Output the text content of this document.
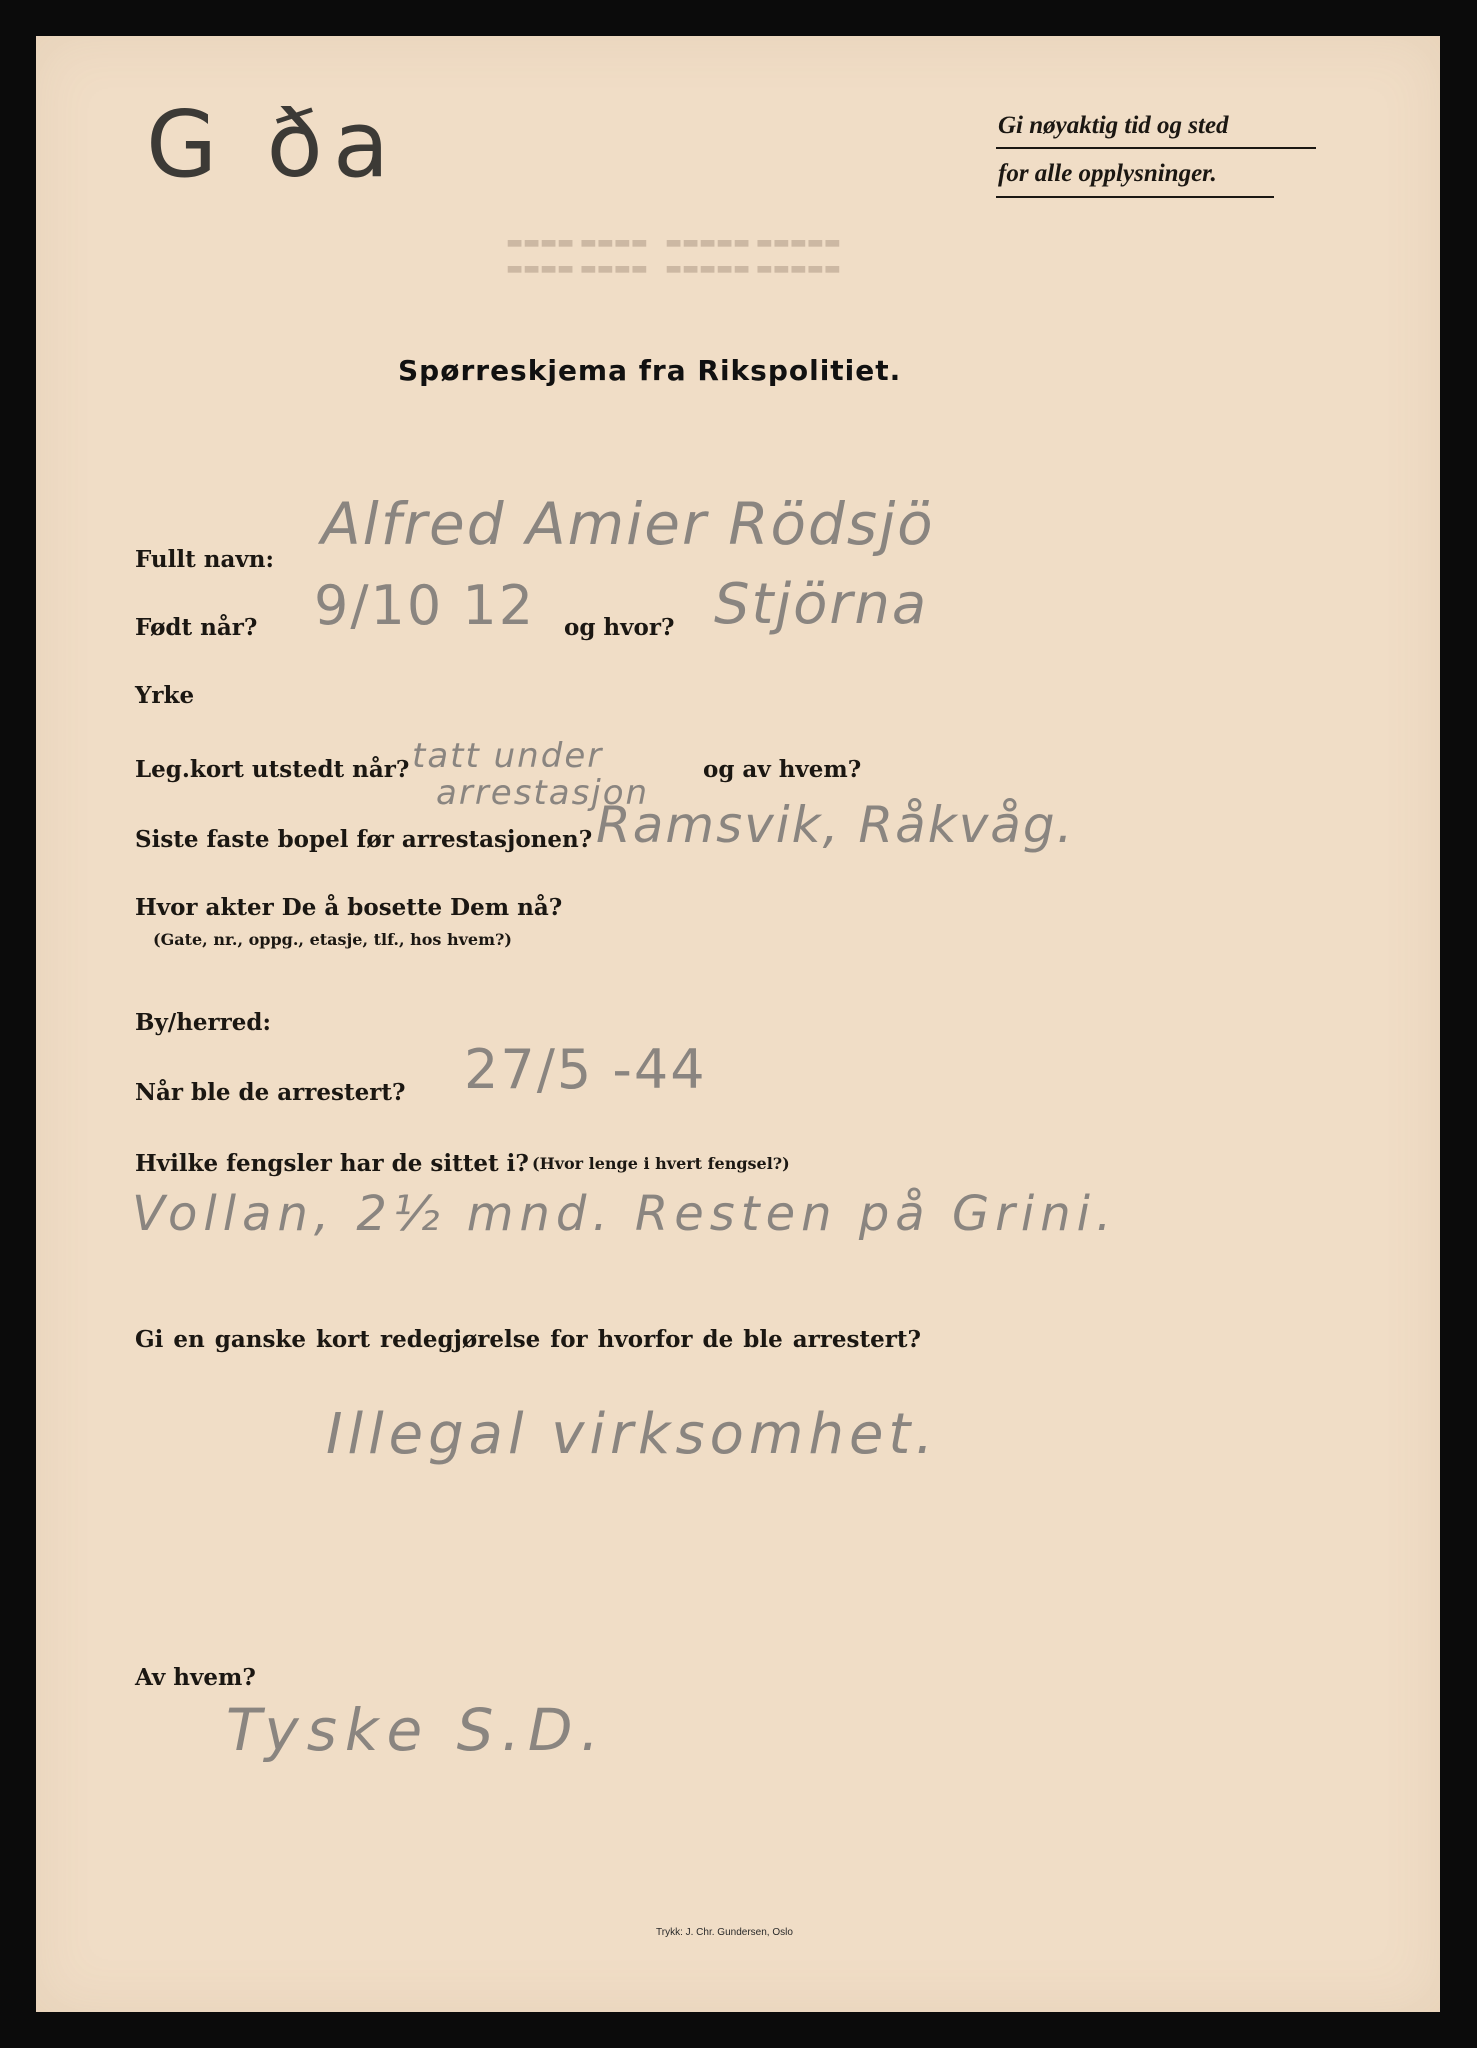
G ða	Gi nøyaktig tid og sted
for alle opplysninger.
▬▬▬▬ ▬▬▬▬   ▬▬▬▬▬ ▬▬▬▬▬
▬▬▬▬ ▬▬▬▬   ▬▬▬▬▬ ▬▬▬▬▬
Spørreskjema fra Rikspolitiet.
Fullt navn:
Alfred Amier Rödsjö
Født når? 9/10 12 og hvor? Stjörna
Yrke
Leg.kort utstedt når? tatt under
arrestasjon
og av hvem?
Siste faste bopel før arrestasjonen? Ramsvik, Råkvåg.
Hvor akter De å bosette Dem nå?
(Gate, nr., oppg., etasje, tlf., hos hvem?)
By/herred:
Når ble de arrestert? 27/5 -44
Hvilke fengsler har de sittet i? (Hvor lenge i hvert fengsel?)
Vollan, 2½ mnd. Resten på Grini.
Gi en ganske kort redegjørelse for hvorfor de ble arrestert?
Illegal virksomhet.
Av hvem?
Tyske S.D.
Trykk: J. Chr. Gundersen, Oslo
